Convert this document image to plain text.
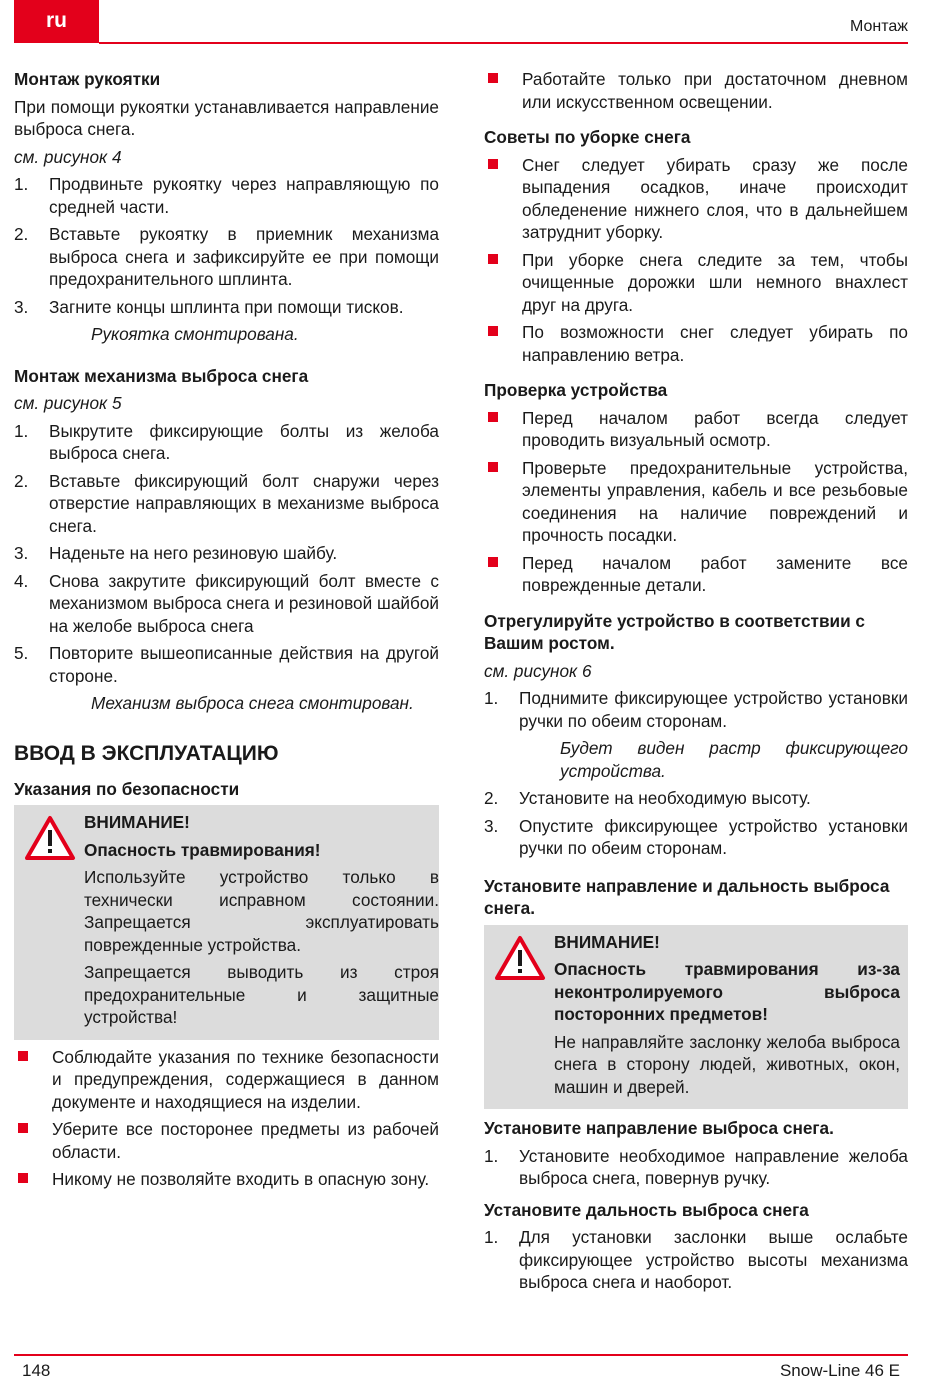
ru	Монтаж
Монтаж рукоятки

При помощи рукоятки устанавливается направление выброса снега.

см. рисунок 4
1. Продвиньте рукоятку через направляющую по средней части.
2. Вставьте рукоятку в приемник механизма выброса снега и зафиксируйте ее при помощи предохранительного шплинта.
3. Загните концы шплинта при помощи тисков.
Рукоятка смонтирована.
Монтаж механизма выброса снега
см. рисунок 5
1. Выкрутите фиксирующие болты из желоба выброса снега.
2. Вставьте фиксирующий болт снаружи через отверстие направляющих в механизме выброса снега.
3. Наденьте на него резиновую шайбу.
4. Снова закрутите фиксирующий болт вместе с механизмом выброса снега и резиновой шайбой на желобе выброса снега
5. Повторите вышеописанные действия на другой стороне.
Механизм выброса снега смонтирован.
ВВОД В ЭКСПЛУАТАЦИЮ
Указания по безопасности
ВНИМАНИЕ!
Опасность травмирования!

Используйте устройство только в технически исправном состоянии. Запрещается эксплуатировать поврежденные устройства.

Запрещается выводить из строя предохранительные и защитные устройства!

Соблюдайте указания по технике безопасности и предупреждения, содержащиеся в данном документе и находящиеся на изделии.
Уберите все посторонее предметы из рабочей области.
Никому не позволяйте входить в опасную зону.
Работайте только при достаточном дневном или искусственном освещении.
Советы по уборке снега
Снег следует убирать сразу же после выпадения осадков, иначе происходит обледенение нижнего слоя, что в дальнейшем затруднит уборку.
При уборке снега следите за тем, чтобы очищенные дорожки шли немного внахлест друг на друга.
По возможности снег следует убирать по направлению ветра.
Проверка устройства
Перед началом работ всегда следует проводить визуальный осмотр.
Проверьте предохранительные устройства, элементы управления, кабель и все резьбовые соединения на наличие повреждений и прочность посадки.
Перед началом работ замените все поврежденные детали.
Отрегулируйте устройство в соответствии с Вашим ростом.
см. рисунок 6
1. Поднимите фиксирующее устройство установки ручки по обеим сторонам.
Будет виден растр фиксирующего устройства.
2. Установите на необходимую высоту.
3. Опустите фиксирующее устройство установки ручки по обеим сторонам.
Установите направление и дальность выброса снега.
ВНИМАНИЕ!
Опасность травмирования из-за неконтролируемого выброса посторонних предметов!

Не направляйте заслонку желоба выброса снега в сторону людей, животных, окон, машин и дверей.

Установите направление выброса снега.
1. Установите необходимое направление желоба выброса снега, повернув ручку.
Установите дальность выброса снега
1. Для установки заслонки выше ослабьте фиксирующее устройство высоты механизма выброса снега и наоборот.
148	Snow-Line 46 E
